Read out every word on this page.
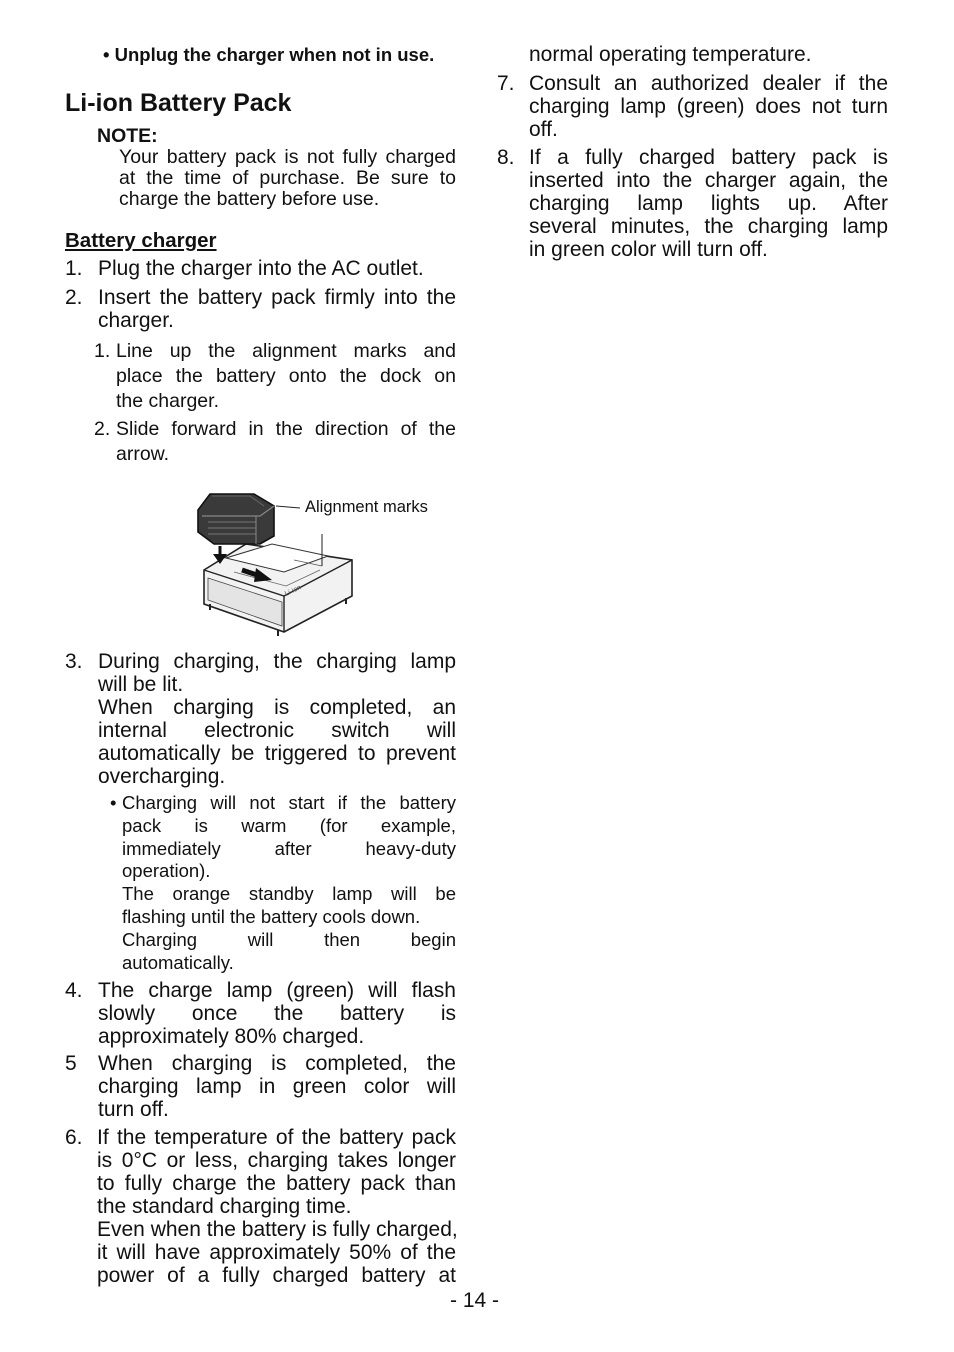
• Unplug the charger when not in use.
Li-ion Battery Pack
NOTE:
Your battery pack is not fully charged
at the time of purchase. Be sure to
charge the battery before use.
Battery charger
1. Plug the charger into the AC outlet.
2. Insert the battery pack firmly into the
charger.
1. Line up the alignment marks and
place the battery onto the dock on
the charger.
2. Slide forward in the direction of the
arrow.
Li-ion
Alignment marks
3. During charging, the charging lamp
will be lit.
When charging is completed, an
internal electronic switch will
automatically be triggered to prevent
overcharging.
• Charging will not start if the battery
pack is warm (for example,
immediately after heavy-duty
operation).
The orange standby lamp will be
flashing until the battery cools down.
Charging will then begin
automatically.
4. The charge lamp (green) will flash
slowly once the battery is
approximately 80% charged.
5 When charging is completed, the
charging lamp in green color will
turn off.
6. If the temperature of the battery pack
is 0°C or less, charging takes longer
to fully charge the battery pack than
the standard charging time.
Even when the battery is fully charged,
it will have approximately 50% of the
power of a fully charged battery at
normal operating temperature.
7. Consult an authorized dealer if the
charging lamp (green) does not turn
off.
8. If a fully charged battery pack is
inserted into the charger again, the
charging lamp lights up. After
several minutes, the charging lamp
in green color will turn off.
- 14 -
